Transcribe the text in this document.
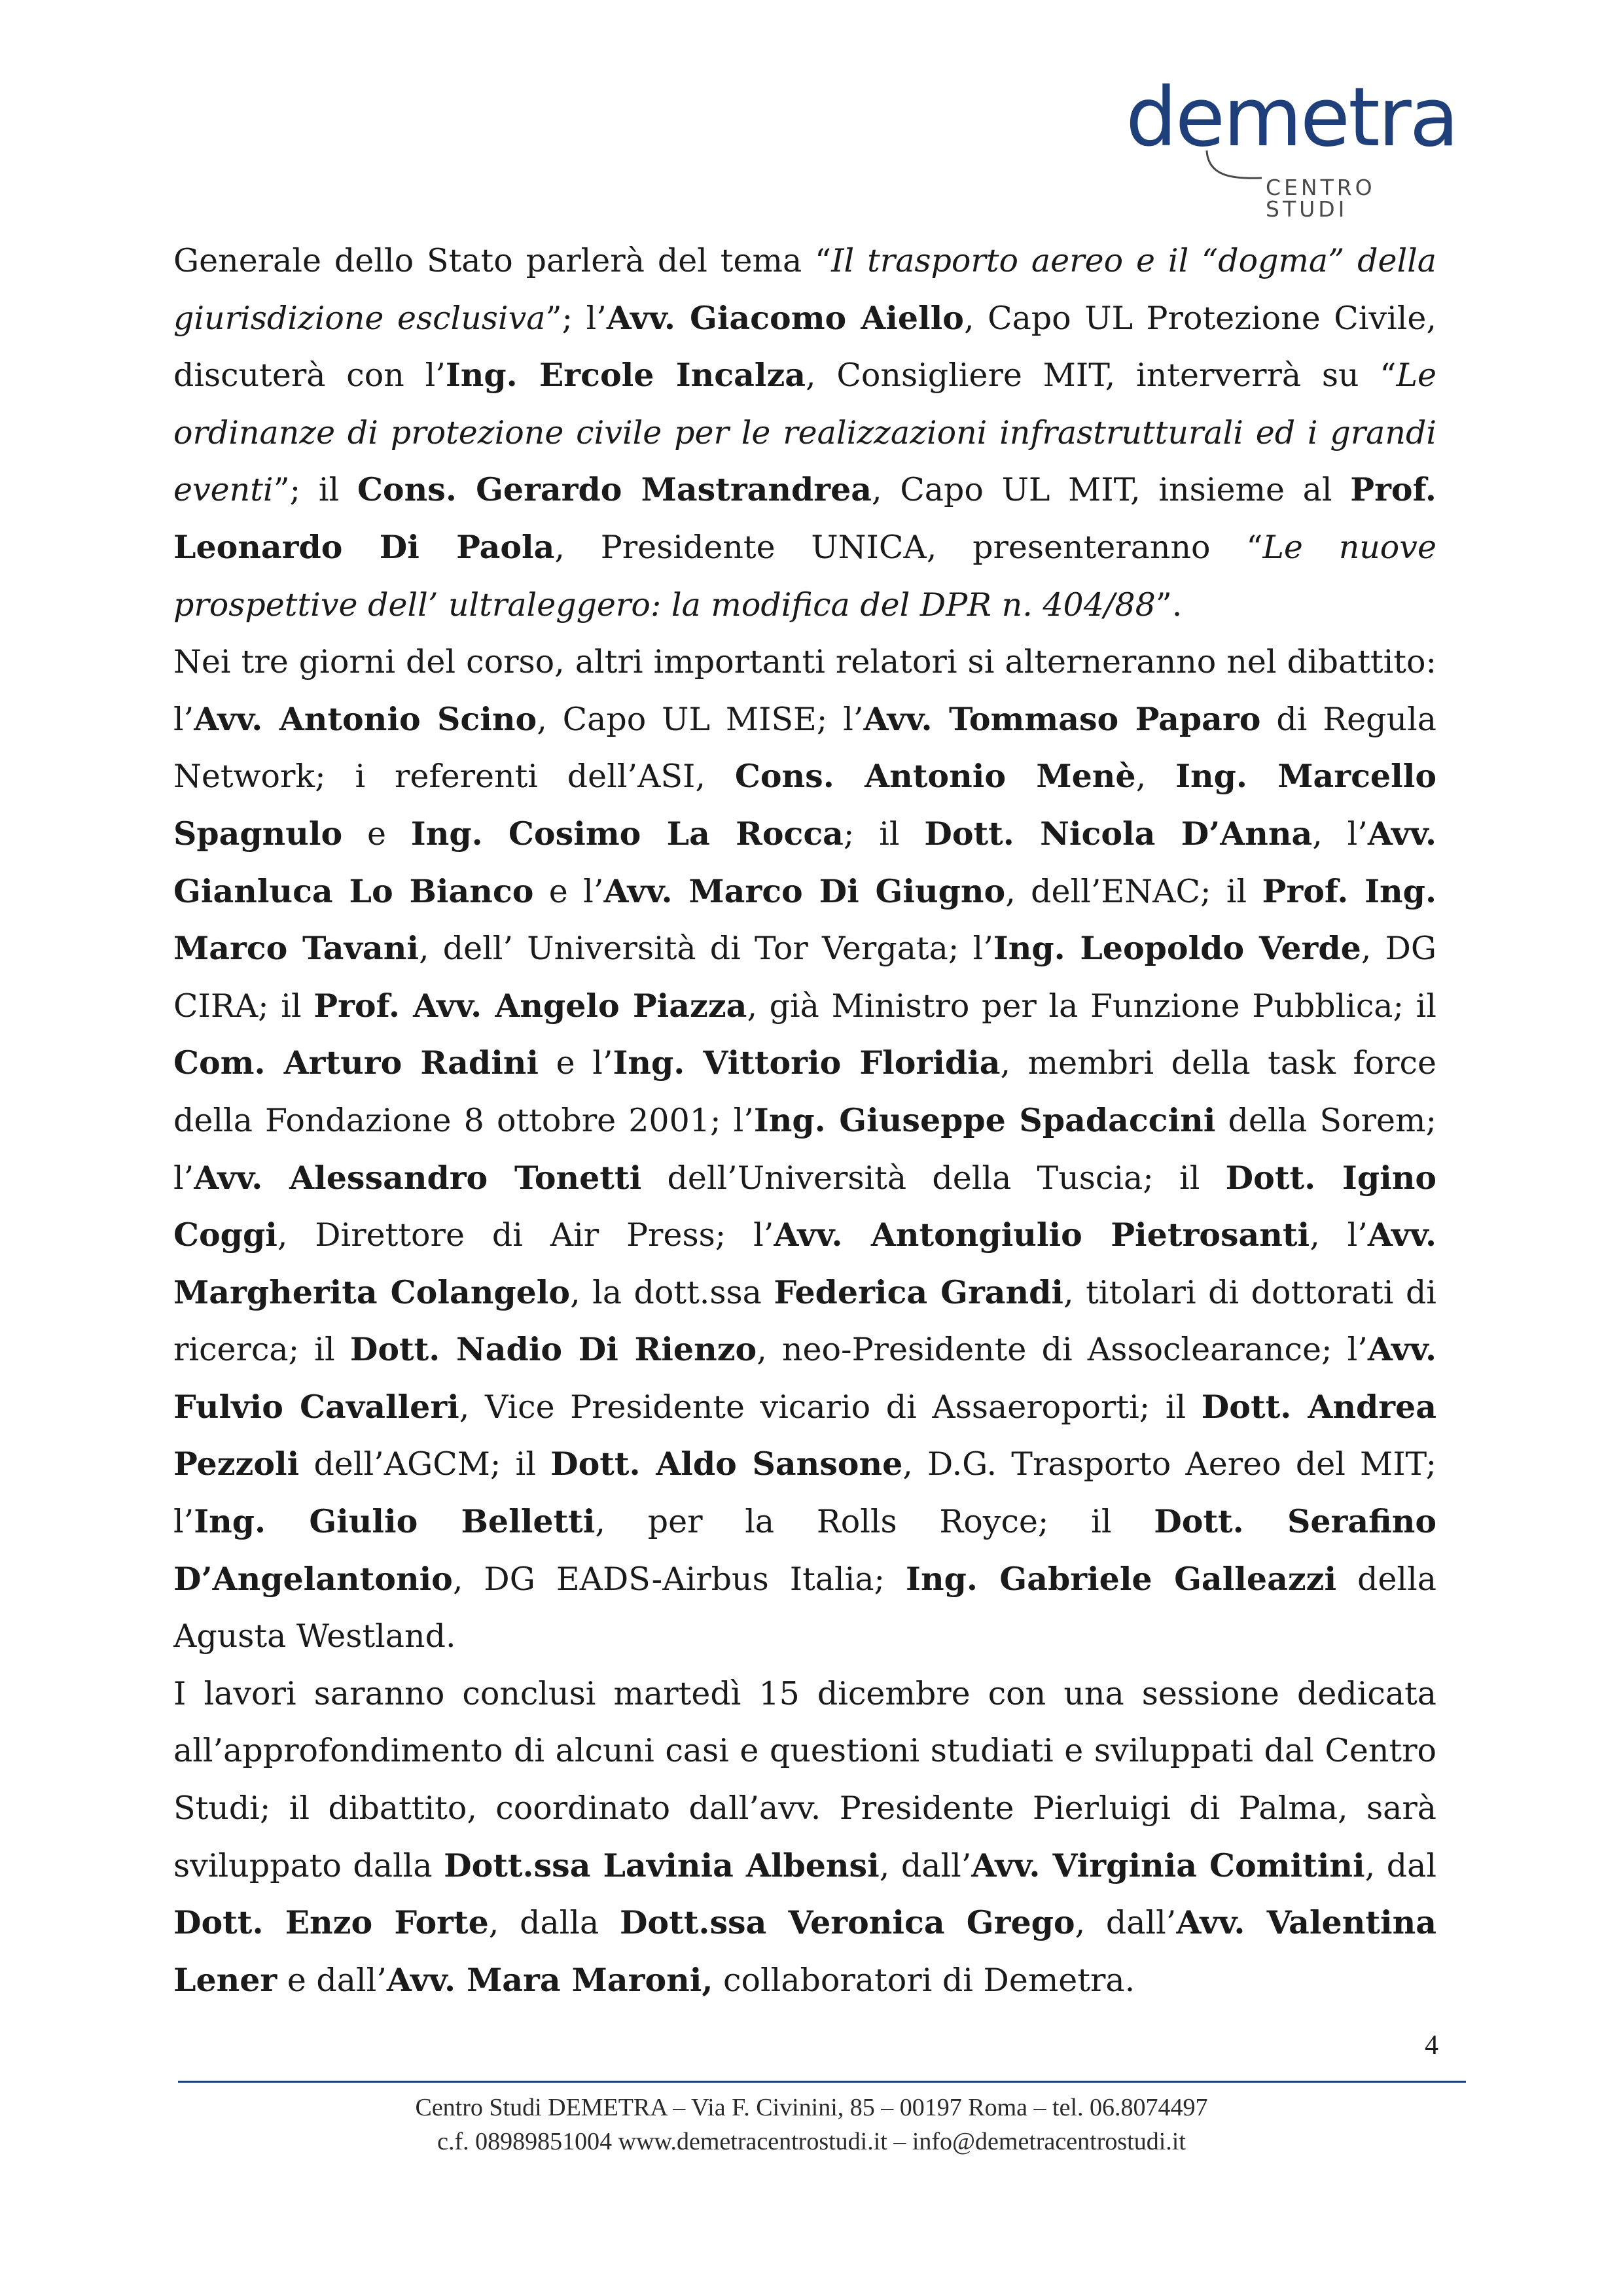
demetra
CENTRO STUDI

Generale dello Stato parlerà del tema “Il trasporto aereo e il “dogma” della giurisdizione esclusiva”; l’Avv. Giacomo Aiello, Capo UL Protezione Civile, discuterà con l’Ing. Ercole Incalza, Consigliere MIT, interverrà su “Le ordinanze di protezione civile per le realizzazioni infrastrutturali ed i grandi eventi”; il Cons. Gerardo Mastrandrea, Capo UL MIT, insieme al Prof. Leonardo Di Paola, Presidente UNICA, presenteranno “Le nuove prospettive dell’ ultraleggero: la modifica del DPR n. 404/88”.

Nei tre giorni del corso, altri importanti relatori si alterneranno nel dibattito: l’Avv. Antonio Scino, Capo UL MISE; l’Avv. Tommaso Paparo di Regula Network; i referenti dell’ASI, Cons. Antonio Menè, Ing. Marcello Spagnulo e Ing. Cosimo La Rocca; il Dott. Nicola D’Anna, l’Avv. Gianluca Lo Bianco e l’Avv. Marco Di Giugno, dell’ENAC; il Prof. Ing. Marco Tavani, dell’ Università di Tor Vergata; l’Ing. Leopoldo Verde, DG CIRA; il Prof. Avv. Angelo Piazza, già Ministro per la Funzione Pubblica; il Com. Arturo Radini e l’Ing. Vittorio Floridia, membri della task force della Fondazione 8 ottobre 2001; l’Ing. Giuseppe Spadaccini della Sorem; l’Avv. Alessandro Tonetti dell’Università della Tuscia; il Dott. Igino Coggi, Direttore di Air Press; l’Avv. Antongiulio Pietrosanti, l’Avv. Margherita Colangelo, la dott.ssa Federica Grandi, titolari di dottorati di ricerca; il Dott. Nadio Di Rienzo, neo-Presidente di Assoclearance; l’Avv. Fulvio Cavalleri, Vice Presidente vicario di Assaeroporti; il Dott. Andrea Pezzoli dell’AGCM; il Dott. Aldo Sansone, D.G. Trasporto Aereo del MIT; l’Ing. Giulio Belletti, per la Rolls Royce; il Dott. Serafino D’Angelantonio, DG EADS-Airbus Italia; Ing. Gabriele Galleazzi della Agusta Westland.

I lavori saranno conclusi martedì 15 dicembre con una sessione dedicata all’approfondimento di alcuni casi e questioni studiati e sviluppati dal Centro Studi; il dibattito, coordinato dall’avv. Presidente Pierluigi di Palma, sarà sviluppato dalla Dott.ssa Lavinia Albensi, dall’Avv. Virginia Comitini, dal Dott. Enzo Forte, dalla Dott.ssa Veronica Grego, dall’Avv. Valentina Lener e dall’Avv. Mara Maroni, collaboratori di Demetra.

4
Centro Studi DEMETRA – Via F. Civinini, 85 – 00197 Roma – tel. 06.8074497
c.f. 08989851004 www.demetracentrostudi.it – info@demetracentrostudi.it
